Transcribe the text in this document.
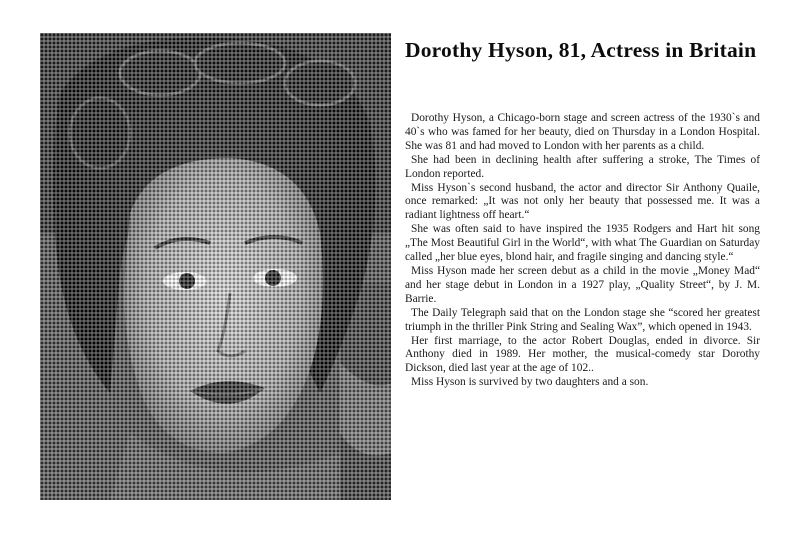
Dorothy Hyson, 81, Actress in Britain

Dorothy Hyson, a Chicago-born stage and screen actress of the 1930`s and 40`s who was famed for her beauty, died on Thursday in a London Hospital. She was 81 and had moved to London with her parents as a child.

She had been in declining health after suffering a stroke, The Times of London reported.

Miss Hyson`s second husband, the actor and director Sir Anthony Quaile, once remarked: „It was not only her beauty that possessed me. It was a radiant lightness off heart.“

She was often said to have inspired the 1935 Rodgers and Hart hit song „The Most Beautiful Girl in the World“, with what The Guardian on Saturday called „her blue eyes, blond hair, and fragile singing and dancing style.“

Miss Hyson made her screen debut as a child in the movie „Money Mad“ and her stage debut in London in a 1927 play, „Quality Street“, by J. M. Barrie.

The Daily Telegraph said that on the London stage she “scored her greatest triumph in the thriller Pink String and Sealing Wax”, which opened in 1943.

Her first marriage, to the actor Robert Douglas, ended in divorce. Sir Anthony died in 1989. Her mother, the musical-comedy star Dorothy Dickson, died last year at the age of 102..

Miss Hyson is survived by two daughters and a son.
